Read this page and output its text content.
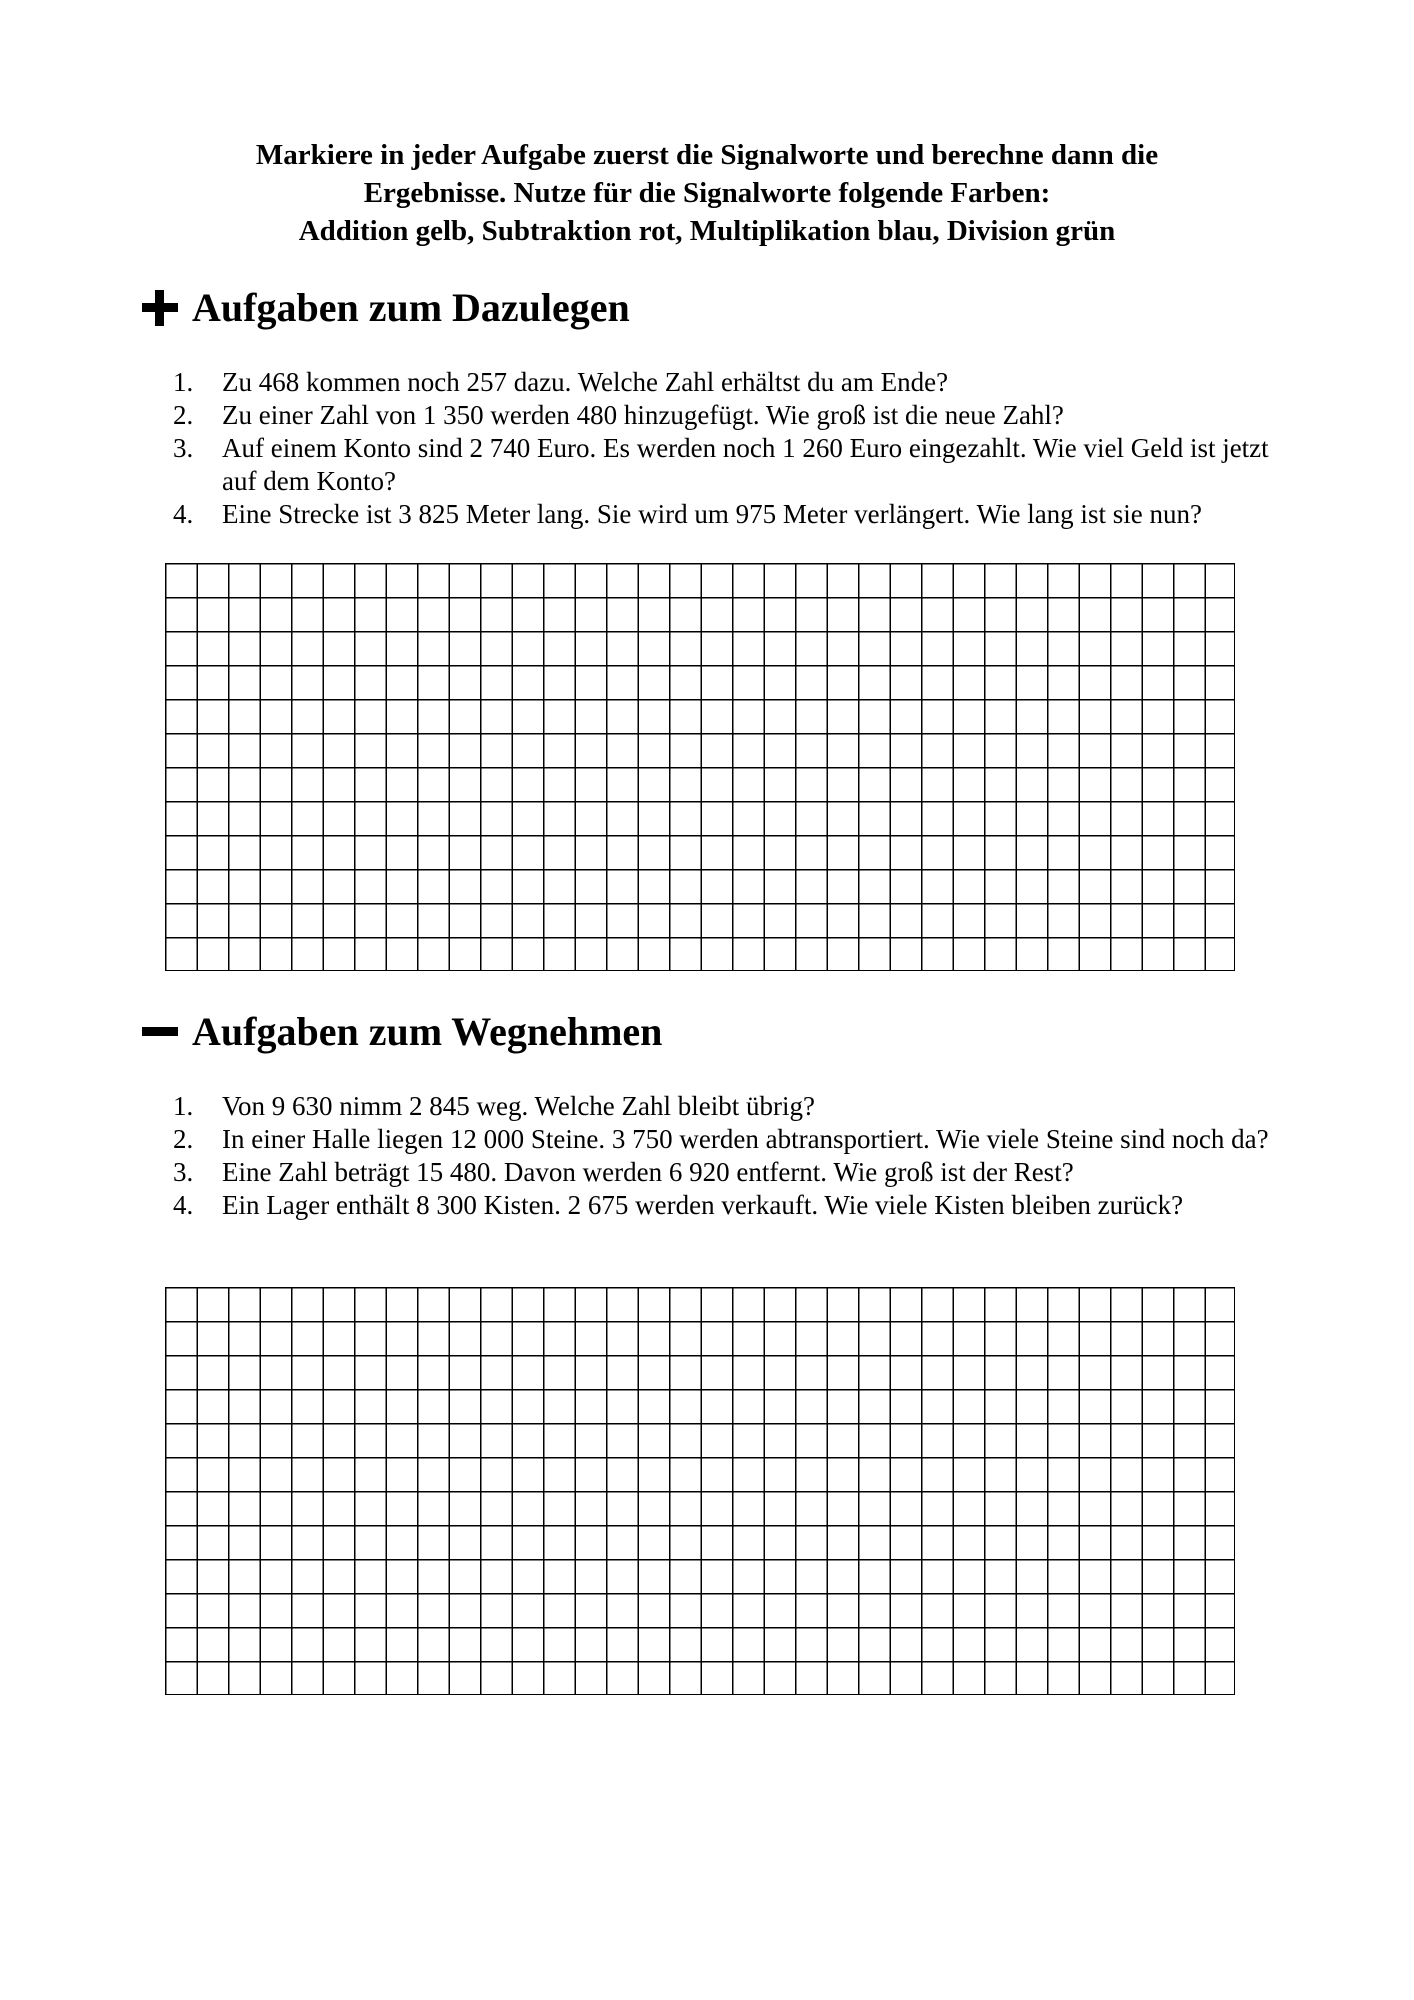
Markiere in jeder Aufgabe zuerst die Signalworte und berechne dann die
Ergebnisse. Nutze für die Signalworte folgende Farben:
Addition gelb, Subtraktion rot, Multiplikation blau, Division grün
Aufgaben zum Dazulegen
1. Zu 468 kommen noch 257 dazu. Welche Zahl erhältst du am Ende?
2. Zu einer Zahl von 1 350 werden 480 hinzugefügt. Wie groß ist die neue Zahl?
3. Auf einem Konto sind 2 740 Euro. Es werden noch 1 260 Euro eingezahlt. Wie viel Geld ist jetzt auf dem Konto?
4. Eine Strecke ist 3 825 Meter lang. Sie wird um 975 Meter verlängert. Wie lang ist sie nun?
Aufgaben zum Wegnehmen
1. Von 9 630 nimm 2 845 weg. Welche Zahl bleibt übrig?
2. In einer Halle liegen 12 000 Steine. 3 750 werden abtransportiert. Wie viele Steine sind noch da?
3. Eine Zahl beträgt 15 480. Davon werden 6 920 entfernt. Wie groß ist der Rest?
4. Ein Lager enthält 8 300 Kisten. 2 675 werden verkauft. Wie viele Kisten bleiben zurück?
